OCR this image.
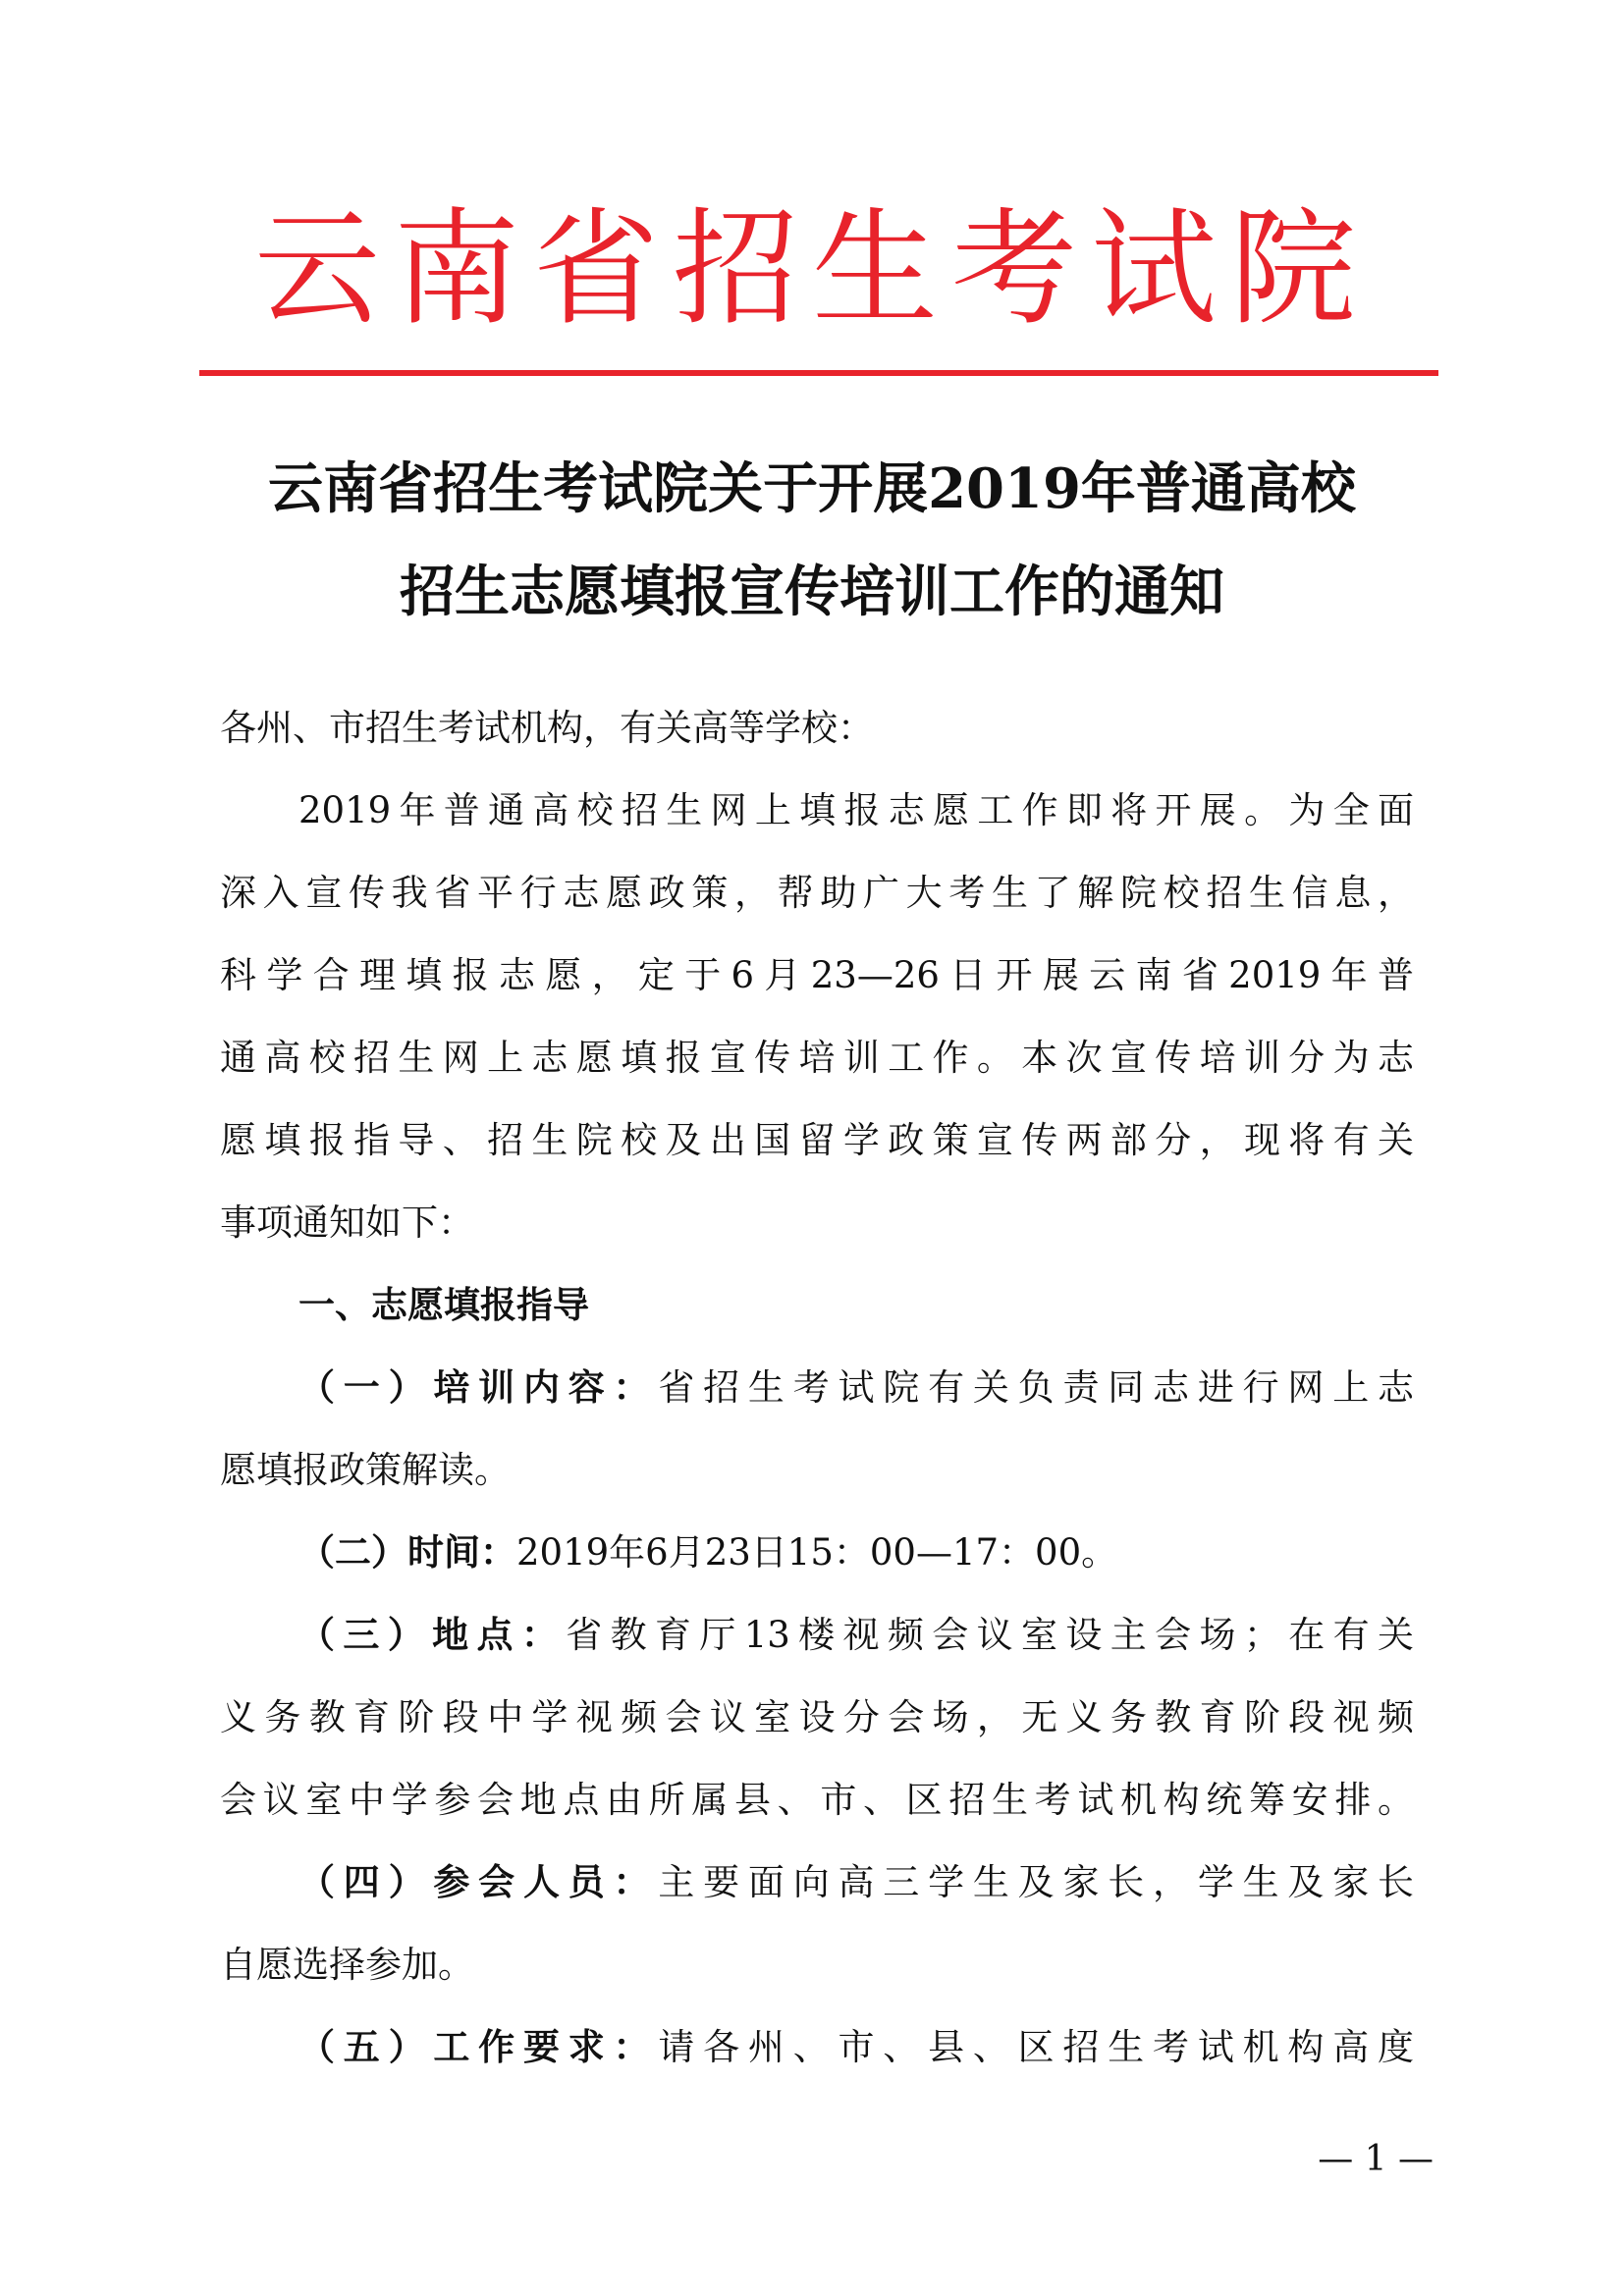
云南省招生考试院
云南省招生考试院关于开展2019年普通高校
招生志愿填报宣传培训工作的通知
各州、市招生考试机构，有关高等学校：
2019年普通高校招生网上填报志愿工作即将开展。为全面
深入宣传我省平行志愿政策，帮助广大考生了解院校招生信息，
科学合理填报志愿，定于6月23—26日开展云南省2019年普
通高校招生网上志愿填报宣传培训工作。本次宣传培训分为志
愿填报指导、招生院校及出国留学政策宣传两部分，现将有关
事项通知如下：
一、志愿填报指导
（一）培训内容：省招生考试院有关负责同志进行网上志
愿填报政策解读。
（二）时间：2019年6月23日15：00—17：00。
（三）地点：省教育厅13楼视频会议室设主会场；在有关
义务教育阶段中学视频会议室设分会场，无义务教育阶段视频
会议室中学参会地点由所属县、市、区招生考试机构统筹安排。
（四）参会人员：主要面向高三学生及家长，学生及家长
自愿选择参加。
（五）工作要求：请各州、市、县、区招生考试机构高度
— 1 —
